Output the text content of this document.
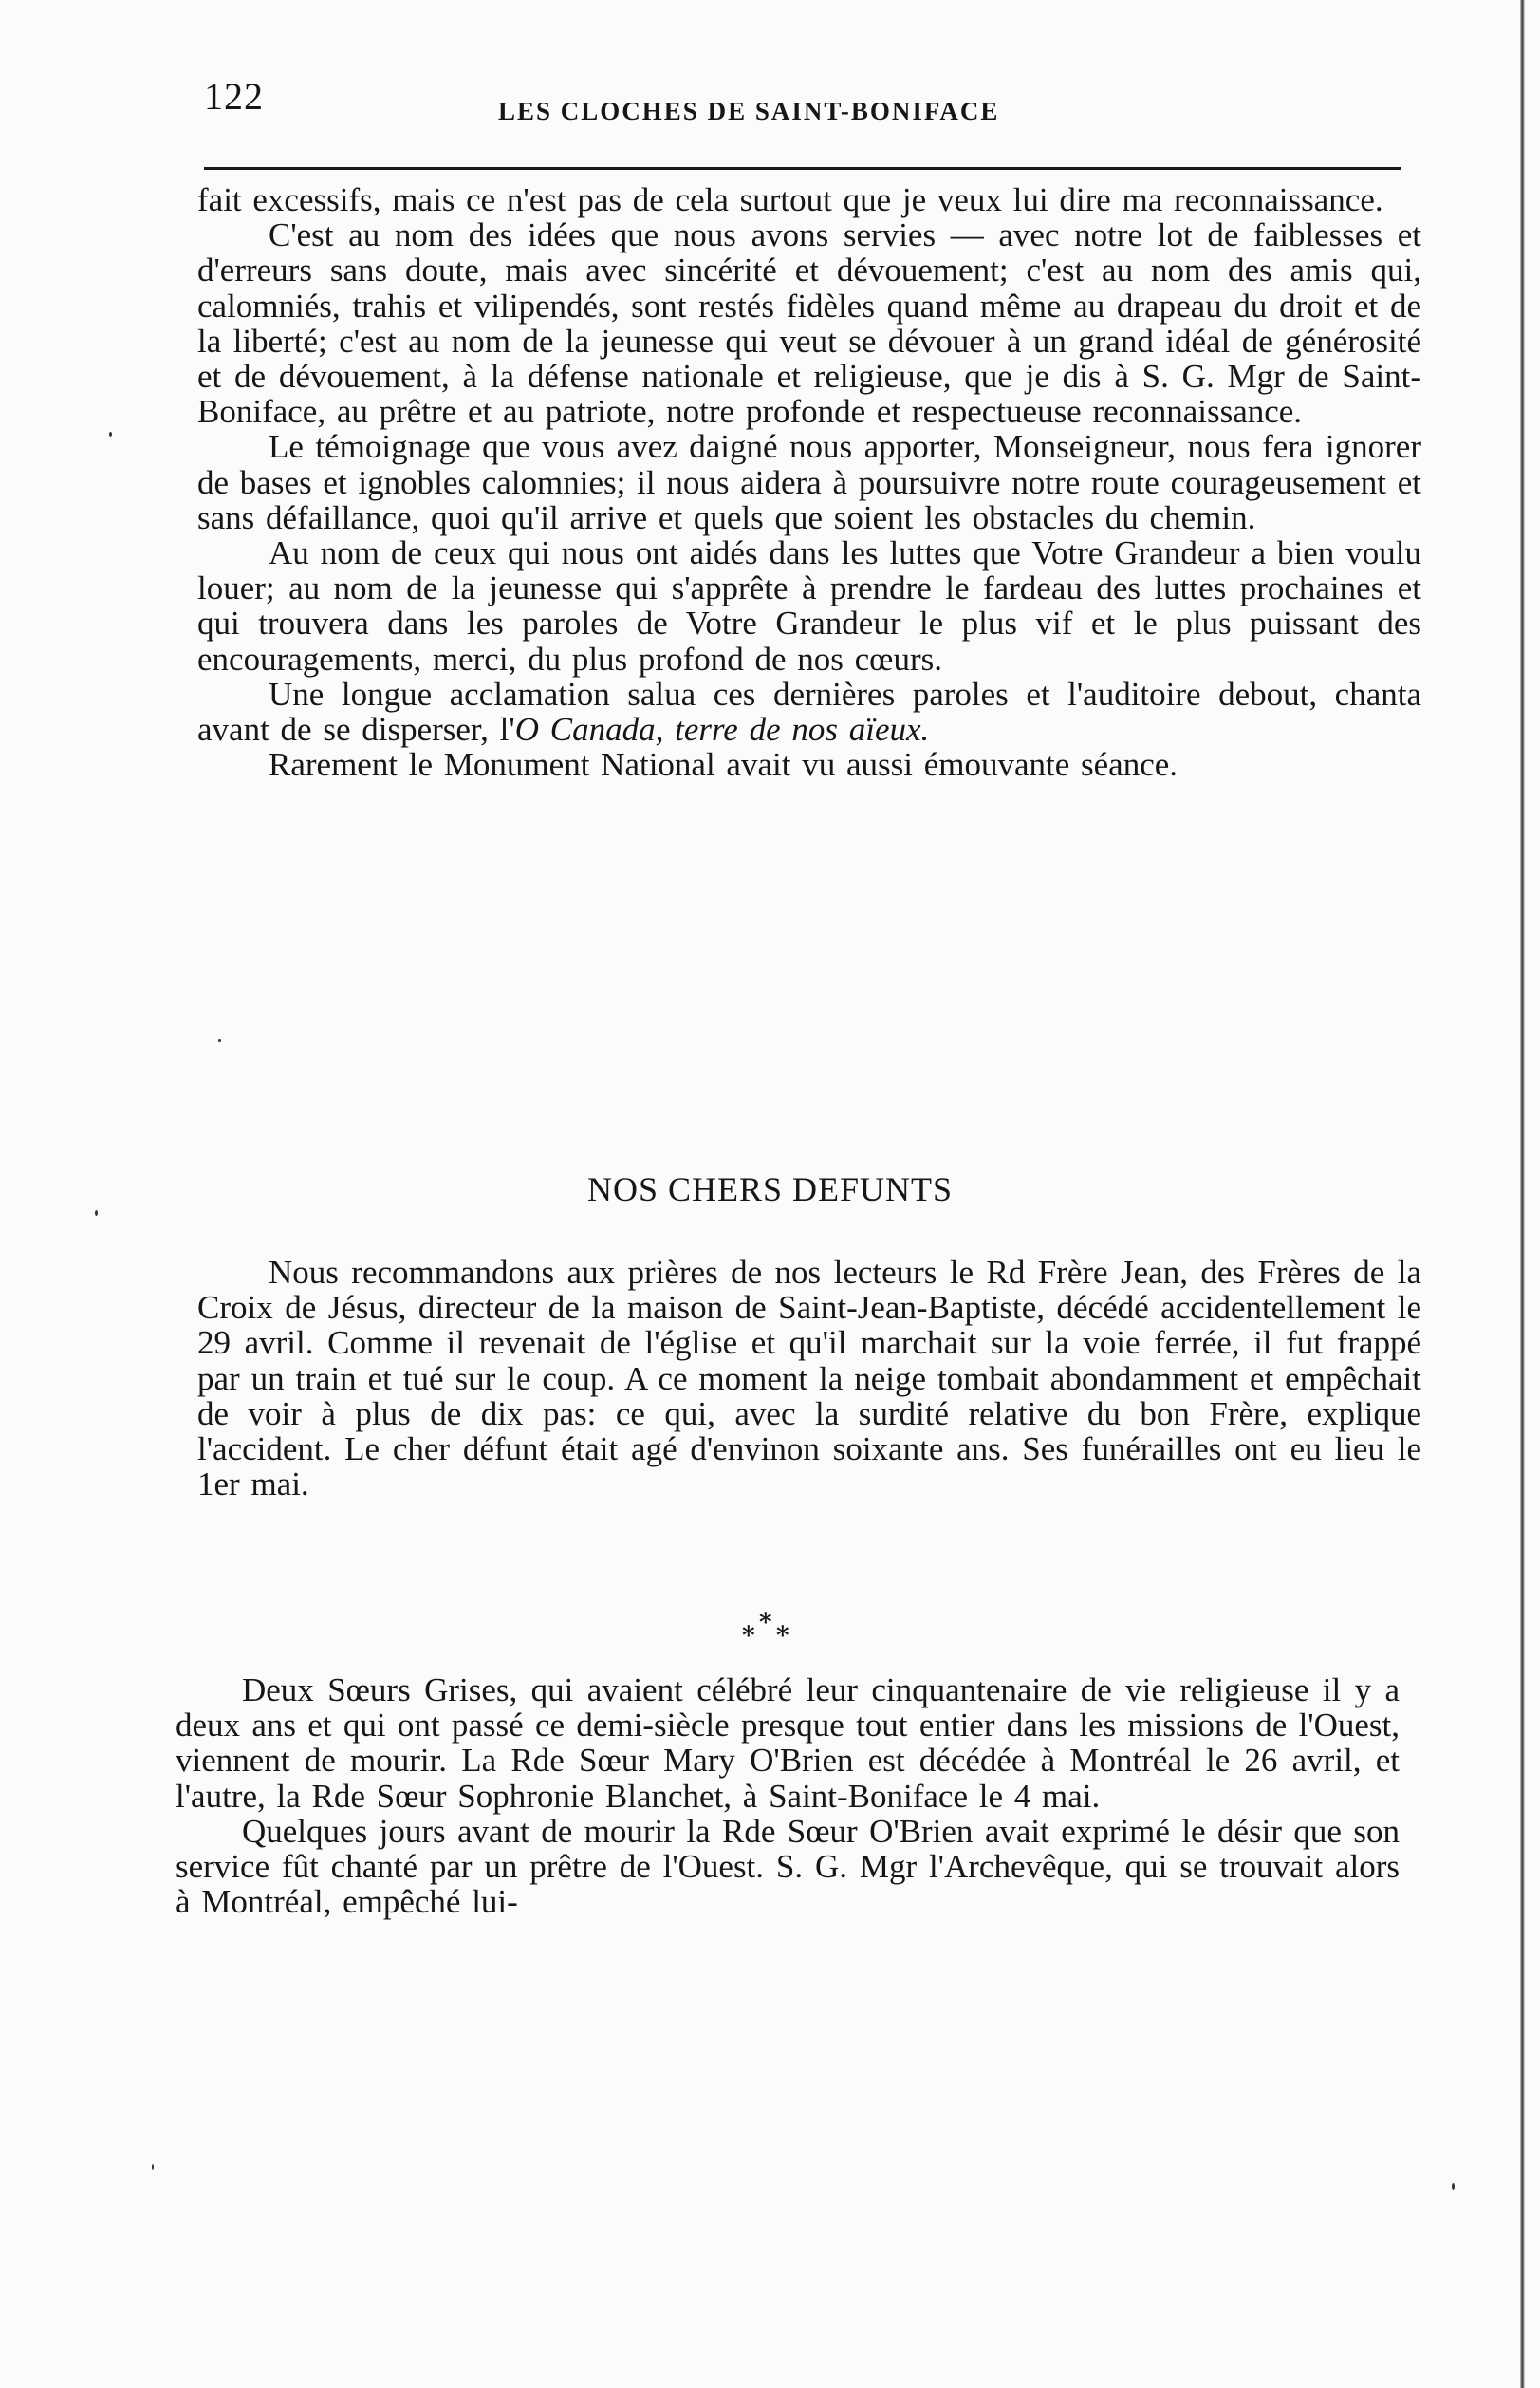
122	LES CLOCHES DE SAINT-BONIFACE

fait excessifs, mais ce n'est pas de cela surtout que je veux lui dire ma reconnaissance.

C'est au nom des idées que nous avons servies — avec notre lot de faiblesses et d'erreurs sans doute, mais avec sincérité et dévouement; c'est au nom des amis qui, calomniés, trahis et vilipendés, sont restés fidèles quand même au drapeau du droit et de la liberté; c'est au nom de la jeunesse qui veut se dévouer à un grand idéal de générosité et de dévouement, à la défense nationale et religieuse, que je dis à S. G. Mgr de Saint-Boniface, au prêtre et au patriote, notre profonde et respectueuse reconnaissance.

Le témoignage que vous avez daigné nous apporter, Monseigneur, nous fera ignorer de bases et ignobles calomnies; il nous aidera à poursuivre notre route courageusement et sans défaillance, quoi qu'il arrive et quels que soient les obstacles du chemin.

Au nom de ceux qui nous ont aidés dans les luttes que Votre Grandeur a bien voulu louer; au nom de la jeunesse qui s'apprête à prendre le fardeau des luttes prochaines et qui trouvera dans les paroles de Votre Grandeur le plus vif et le plus puissant des encouragements, merci, du plus profond de nos cœurs.

Une longue acclamation salua ces dernières paroles et l'auditoire debout, chanta avant de se disperser, l'O Canada, terre de nos aïeux.

Rarement le Monument National avait vu aussi émouvante séance.

NOS CHERS DEFUNTS

Nous recommandons aux prières de nos lecteurs le Rd Frère Jean, des Frères de la Croix de Jésus, directeur de la maison de Saint-Jean-Baptiste, décédé accidentellement le 29 avril. Comme il revenait de l'église et qu'il marchait sur la voie ferrée, il fut frappé par un train et tué sur le coup. A ce moment la neige tombait abondamment et empêchait de voir à plus de dix pas: ce qui, avec la surdité relative du bon Frère, explique l'accident. Le cher défunt était agé d'envinon soixante ans. Ses funérailles ont eu lieu le 1er mai.

*
* *

Deux Sœurs Grises, qui avaient célébré leur cinquantenaire de vie religieuse il y a deux ans et qui ont passé ce demi-siècle presque tout entier dans les missions de l'Ouest, viennent de mourir. La Rde Sœur Mary O'Brien est décédée à Montréal le 26 avril, et l'autre, la Rde Sœur Sophronie Blanchet, à Saint-Boniface le 4 mai.

Quelques jours avant de mourir la Rde Sœur O'Brien avait exprimé le désir que son service fût chanté par un prêtre de l'Ouest. S. G. Mgr l'Archevêque, qui se trouvait alors à Montréal, empêché lui-
